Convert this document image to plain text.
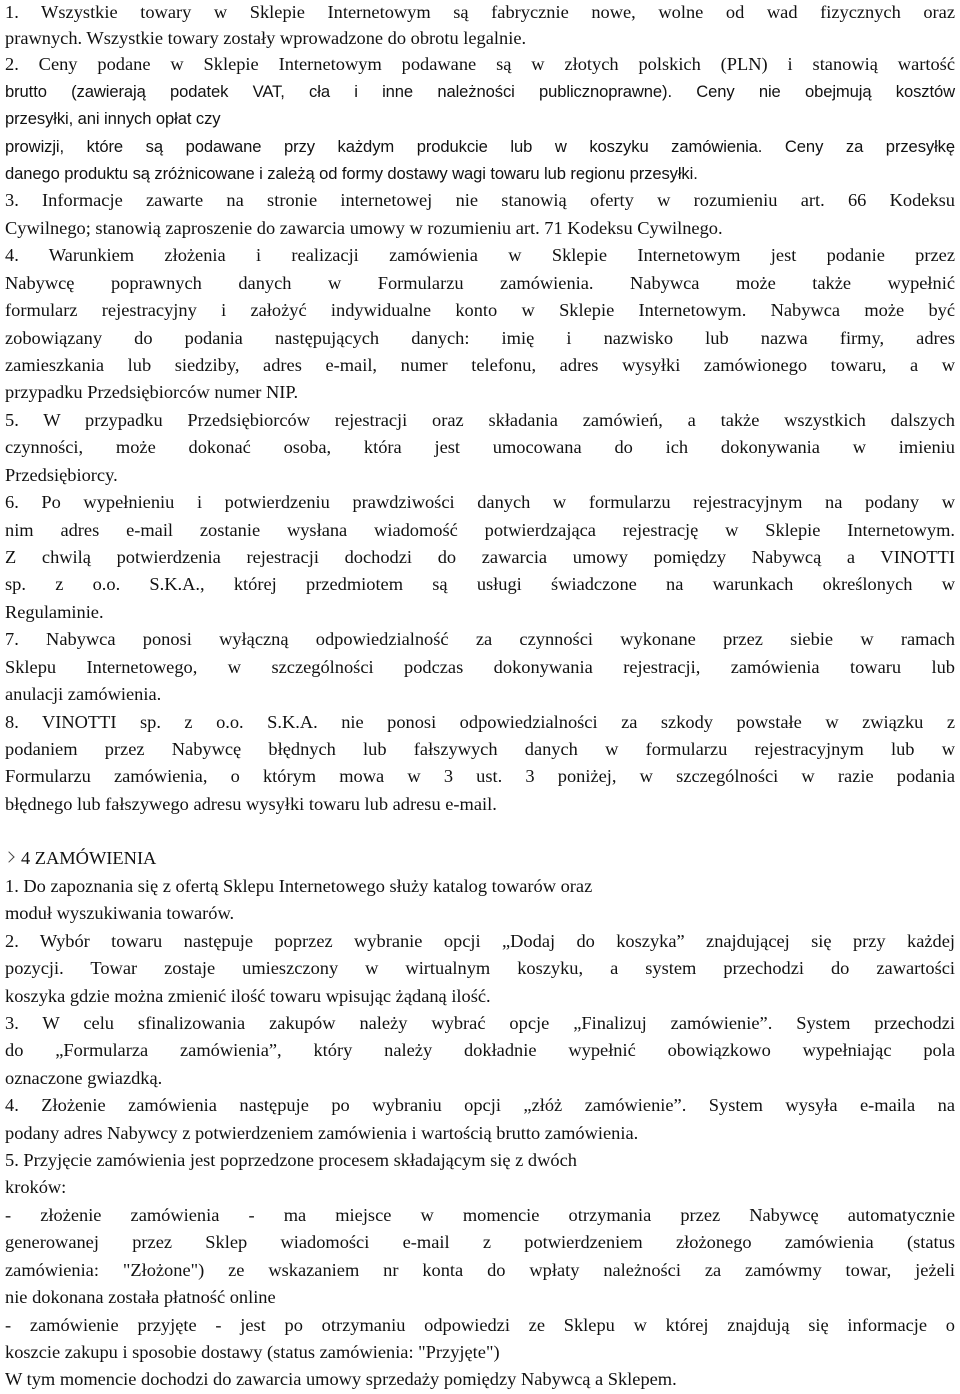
1. Wszystkie towary w Sklepie Internetowym są fabrycznie nowe, wolne od wad fizycznych oraz
prawnych. Wszystkie towary zostały wprowadzone do obrotu legalnie.
2. Ceny podane w Sklepie Internetowym podawane są w złotych polskich (PLN) i stanowią wartość
brutto (zawierają podatek VAT, cła i inne należności publicznoprawne). Ceny nie obejmują kosztów
przesyłki, ani innych opłat czy
prowizji, które są podawane przy każdym produkcie lub w koszyku zamówienia. Ceny za przesyłkę
danego produktu są zróżnicowane i zależą od formy dostawy wagi towaru lub regionu przesyłki.
3. Informacje zawarte na stronie internetowej nie stanowią oferty w rozumieniu art. 66 Kodeksu
Cywilnego; stanowią zaproszenie do zawarcia umowy w rozumieniu art. 71 Kodeksu Cywilnego.
4. Warunkiem złożenia i realizacji zamówienia w Sklepie Internetowym jest podanie przez
Nabywcę poprawnych danych w Formularzu zamówienia. Nabywca może także wypełnić
formularz rejestracyjny i założyć indywidualne konto w Sklepie Internetowym. Nabywca może być
zobowiązany do podania następujących danych: imię i nazwisko lub nazwa firmy, adres
zamieszkania lub siedziby, adres e-mail, numer telefonu, adres wysyłki zamówionego towaru, a w
przypadku Przedsiębiorców numer NIP.
5. W przypadku Przedsiębiorców rejestracji oraz składania zamówień, a także wszystkich dalszych
czynności, może dokonać osoba, która jest umocowana do ich dokonywania w imieniu
Przedsiębiorcy.
6. Po wypełnieniu i potwierdzeniu prawdziwości danych w formularzu rejestracyjnym na podany w
nim adres e-mail zostanie wysłana wiadomość potwierdzająca rejestrację w Sklepie Internetowym.
Z chwilą potwierdzenia rejestracji dochodzi do zawarcia umowy pomiędzy Nabywcą a VINOTTI
sp. z o.o. S.K.A., której przedmiotem są usługi świadczone na warunkach określonych w
Regulaminie.
7. Nabywca ponosi wyłączną odpowiedzialność za czynności wykonane przez siebie w ramach
Sklepu Internetowego, w szczególności podczas dokonywania rejestracji, zamówienia towaru lub
anulacji zamówienia.
8. VINOTTI sp. z o.o. S.K.A. nie ponosi odpowiedzialności za szkody powstałe w związku z
podaniem przez Nabywcę błędnych lub fałszywych danych w formularzu rejestracyjnym lub w
Formularzu zamówienia, o którym mowa w 3 ust. 3 poniżej, w szczególności w razie podania
błędnego lub fałszywego adresu wysyłki towaru lub adresu e-mail.
4 ZAMÓWIENIA
1. Do zapoznania się z ofertą Sklepu Internetowego służy katalog towarów oraz
moduł wyszukiwania towarów.
2. Wybór towaru następuje poprzez wybranie opcji „Dodaj do koszyka” znajdującej się przy każdej
pozycji. Towar zostaje umieszczony w wirtualnym koszyku, a system przechodzi do zawartości
koszyka gdzie można zmienić ilość towaru wpisując żądaną ilość.
3. W celu sfinalizowania zakupów należy wybrać opcje „Finalizuj zamówienie”. System przechodzi
do „Formularza zamówienia”, który należy dokładnie wypełnić obowiązkowo wypełniając pola
oznaczone gwiazdką.
4. Złożenie zamówienia następuje po wybraniu opcji „złóż zamówienie”. System wysyła e-maila na
podany adres Nabywcy z potwierdzeniem zamówienia i wartością brutto zamówienia.
5. Przyjęcie zamówienia jest poprzedzone procesem składającym się z dwóch
kroków:
- złożenie zamówienia - ma miejsce w momencie otrzymania przez Nabywcę automatycznie
generowanej przez Sklep wiadomości e-mail z potwierdzeniem złożonego zamówienia (status
zamówienia: "Złożone") ze wskazaniem nr konta do wpłaty należności za zamówmy towar, jeżeli
nie dokonana została płatność online
- zamówienie przyjęte - jest po otrzymaniu odpowiedzi ze Sklepu w której znajdują się informacje o
koszcie zakupu i sposobie dostawy (status zamówienia: "Przyjęte")
W tym momencie dochodzi do zawarcia umowy sprzedaży pomiędzy Nabywcą a Sklepem.
